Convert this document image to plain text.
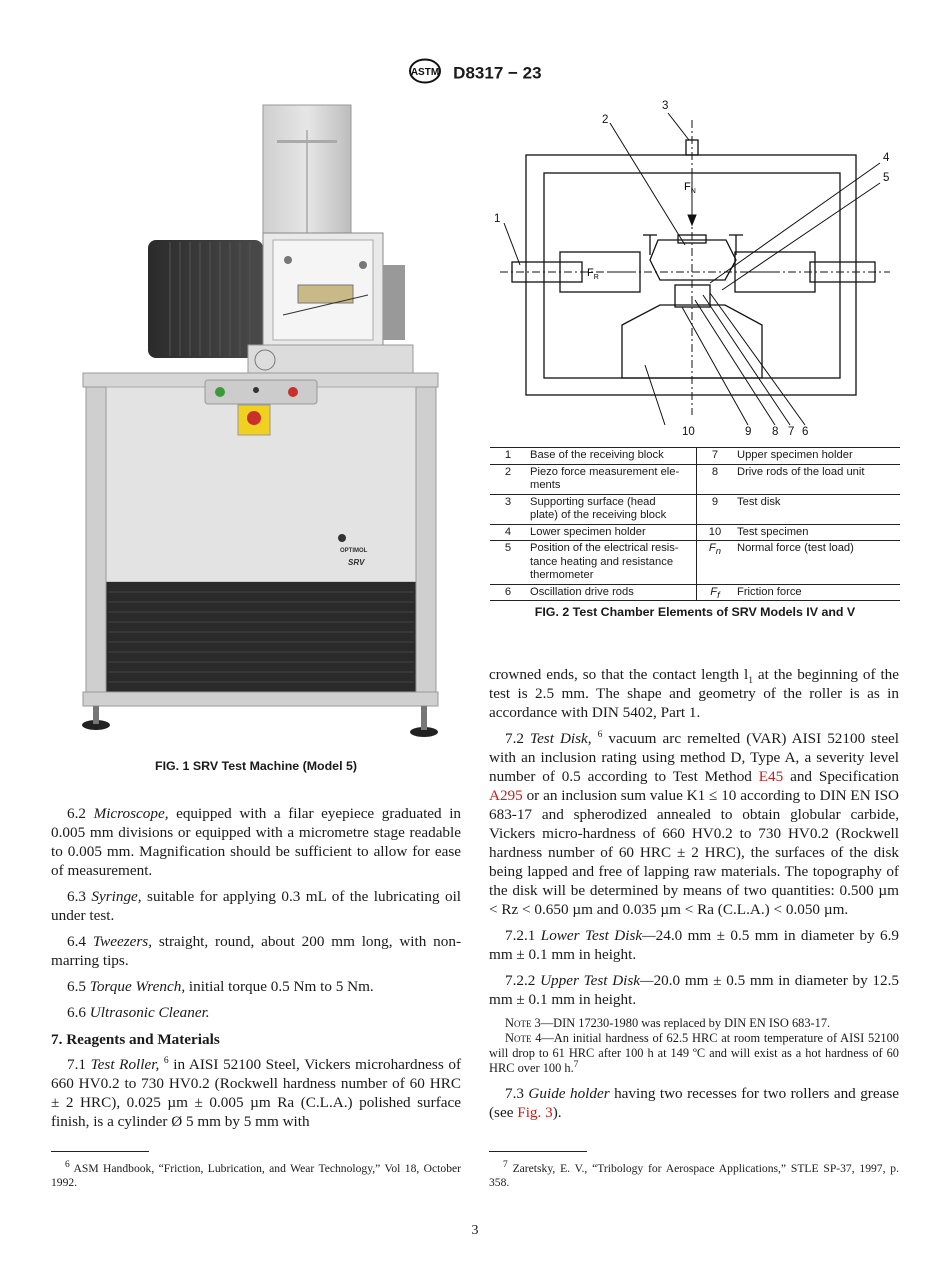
ASTM D8317 − 23
OPTIMOL
SRV
FIG. 1 SRV Test Machine (Model 5)
$F_N$
$F_R$
1
2
3
4
5
6
7
8
9
10
1	Base of the receiving block	7	Upper specimen holder
2	Piezo force measurement ele-
ments	8	Drive rods of the load unit
3	Supporting surface (head
plate) of the receiving block	9	Test disk
4	Lower specimen holder	10	Test specimen
5	Position of the electrical resis-
tance heating and resistance
thermometer	$F_n$	Normal force (test load)
6	Oscillation drive rods	$F_f$	Friction force
FIG. 2 Test Chamber Elements of SRV Models IV and V

6.2 Microscope, equipped with a filar eyepiece graduated in 0.005 mm divisions or equipped with a micrometre stage readable to 0.005 mm. Magnification should be sufficient to allow for ease of measurement.

6.3 Syringe, suitable for applying 0.3 mL of the lubricating oil under test.

6.4 Tweezers, straight, round, about 200 mm long, with non-marring tips.

6.5 Torque Wrench, initial torque 0.5 Nm to 5 Nm.

6.6 Ultrasonic Cleaner.

7. Reagents and Materials

7.1 Test Roller, $^6$ in AISI 52100 Steel, Vickers microhardness of 660 HV0.2 to 730 HV0.2 (Rockwell hardness number of 60 HRC ± 2 HRC), 0.025 µm ± 0.005 µm Ra (C.L.A.) polished surface finish, is a cylinder Ø 5 mm by 5 mm with

$^6$ ASM Handbook, “Friction, Lubrication, and Wear Technology,” Vol 18, October 1992.

crowned ends, so that the contact length $l_1$ at the beginning of the test is 2.5 mm. The shape and geometry of the roller is as in accordance with DIN 5402, Part 1.

7.2 Test Disk, $^6$ vacuum arc remelted (VAR) AISI 52100 steel with an inclusion rating using method D, Type A, a severity level number of 0.5 according to Test Method E45 and Specification A295 or an inclusion sum value K1 ≤ 10 according to DIN EN ISO 683-17 and spherodized annealed to obtain globular carbide, Vickers micro-hardness of 660 HV0.2 to 730 HV0.2 (Rockwell hardness number of 60 HRC ± 2 HRC), the surfaces of the disk being lapped and free of lapping raw materials. The topography of the disk will be determined by means of two quantities: 0.500 µm < Rz < 0.650 µm and 0.035 µm < Ra (C.L.A.) < 0.050 µm.

7.2.1 Lower Test Disk—24.0 mm ± 0.5 mm in diameter by 6.9 mm ± 0.1 mm in height.

7.2.2 Upper Test Disk—20.0 mm ± 0.5 mm in diameter by 12.5 mm ± 0.1 mm in height.

Note 3—DIN 17230-1980 was replaced by DIN EN ISO 683-17.

Note 4—An initial hardness of 62.5 HRC at room temperature of AISI 52100 will drop to 61 HRC after 100 h at 149 ºC and will exist as a hot hardness of 60 HRC over 100 h.$^7$

7.3 Guide holder having two recesses for two rollers and grease (see Fig. 3).

$^7$ Zaretsky, E. V., “Tribology for Aerospace Applications,” STLE SP-37, 1997, p. 358.
3
